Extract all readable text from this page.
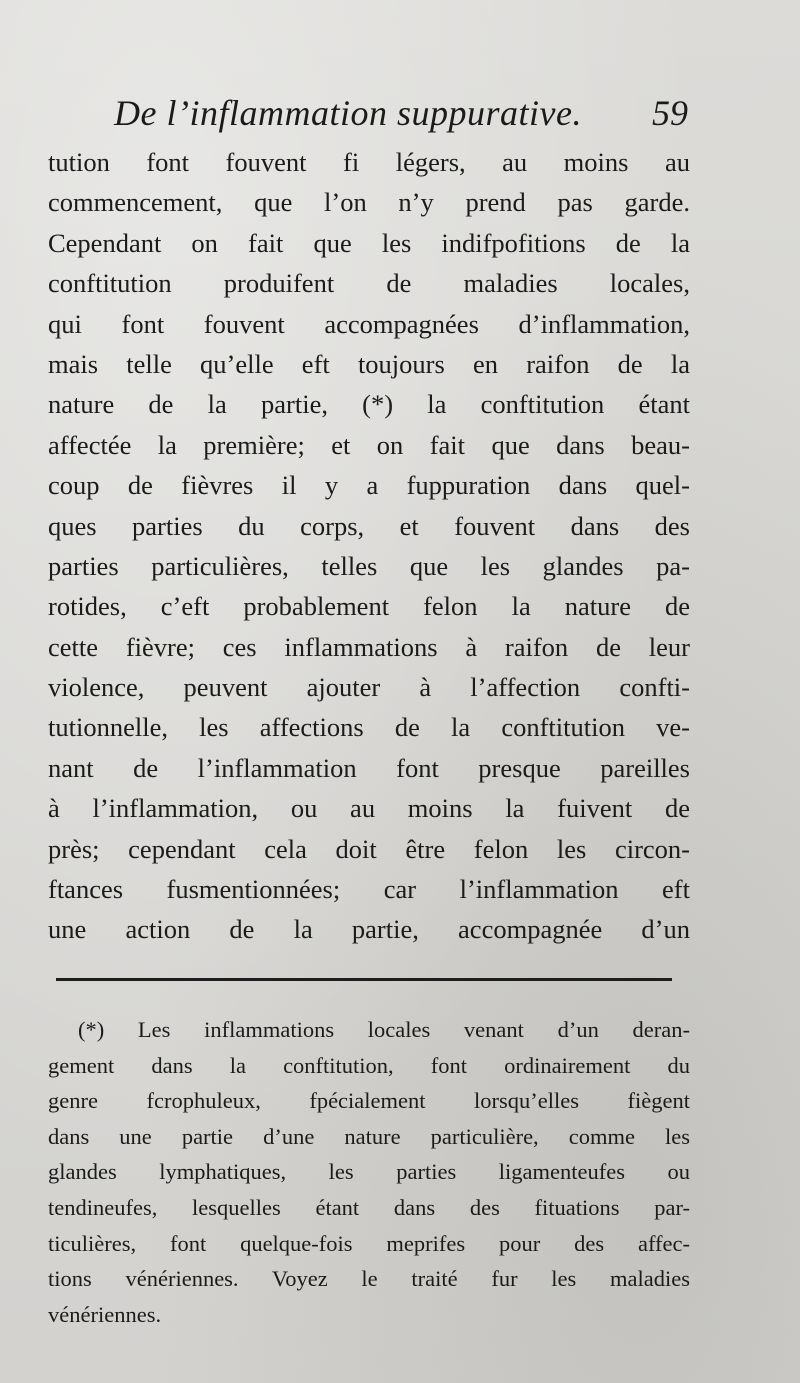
De l’inflammation suppurative. 59
tution font fouvent fi légers, au moins au
commencement, que l’on n’y prend pas garde.
Cependant on fait que les indifpofitions de la
conftitution produifent de maladies locales,
qui font fouvent accompagnées d’inflammation,
mais telle qu’elle eft toujours en raifon de la
nature de la partie, (*) la conftitution étant
affectée la première; et on fait que dans beau-
coup de fièvres il y a fuppuration dans quel-
ques parties du corps, et fouvent dans des
parties particulières, telles que les glandes pa-
rotides, c’eft probablement felon la nature de
cette fièvre; ces inflammations à raifon de leur
violence, peuvent ajouter à l’affection confti-
tutionnelle, les affections de la conftitution ve-
nant de l’inflammation font presque pareilles
à l’inflammation, ou au moins la fuivent de
près; cependant cela doit être felon les circon-
ftances fusmentionnées; car l’inflammation eft
une action de la partie, accompagnée d’un
(*) Les inflammations locales venant d’un deran-
gement dans la conftitution, font ordinairement du
genre fcrophuleux, fpécialement lorsqu’elles fiègent
dans une partie d’une nature particulière, comme les
glandes lymphatiques, les parties ligamenteufes ou
tendineufes, lesquelles étant dans des fituations par-
ticulières, font quelque-fois meprifes pour des affec-
tions vénériennes. Voyez le traité fur les maladies
vénériennes.
